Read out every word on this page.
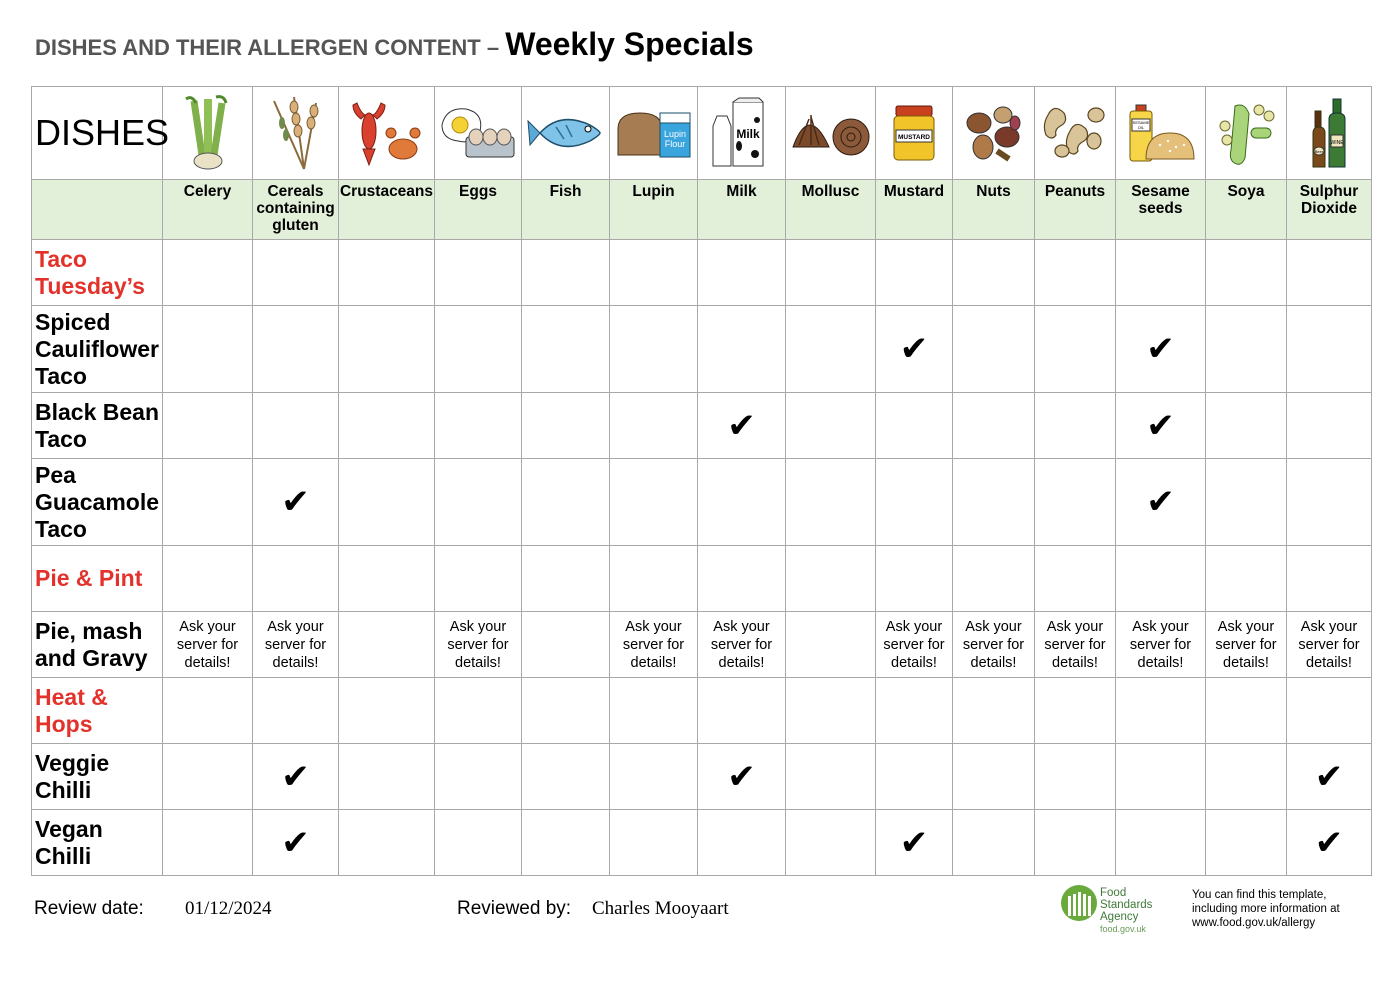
DISHES AND THEIR ALLERGEN CONTENT – Weekly Specials
DISHES						Lupin
Flour	Milk		MUSTARD			SESAME
OIL		WINE
Beer

	Celery	Cereals containing gluten	Crustaceans	Eggs	Fish	Lupin	Milk	Mollusc	Mustard	Nuts	Peanuts	Sesame seeds	Soya	Sulphur Dioxide
Taco Tuesday’s														
Spiced Cauliflower Taco									✔			✔		
Black Bean Taco							✔					✔		
Pea Guacamole Taco		✔										✔		
Pie & Pint														
Pie, mash and Gravy	Ask your server for details!	Ask your server for details!		Ask your server for details!		Ask your server for details!	Ask your server for details!		Ask your server for details!	Ask your server for details!	Ask your server for details!	Ask your server for details!	Ask your server for details!	Ask your server for details!
Heat & Hops														
Veggie Chilli		✔					✔							✔
Vegan Chilli		✔							✔					✔
Review date: 01/12/2024	Reviewed by: Charles Mooyaart
Food
Standards
Agency
food.gov.uk
You can find this template,
including more information at
www.food.gov.uk/allergy
